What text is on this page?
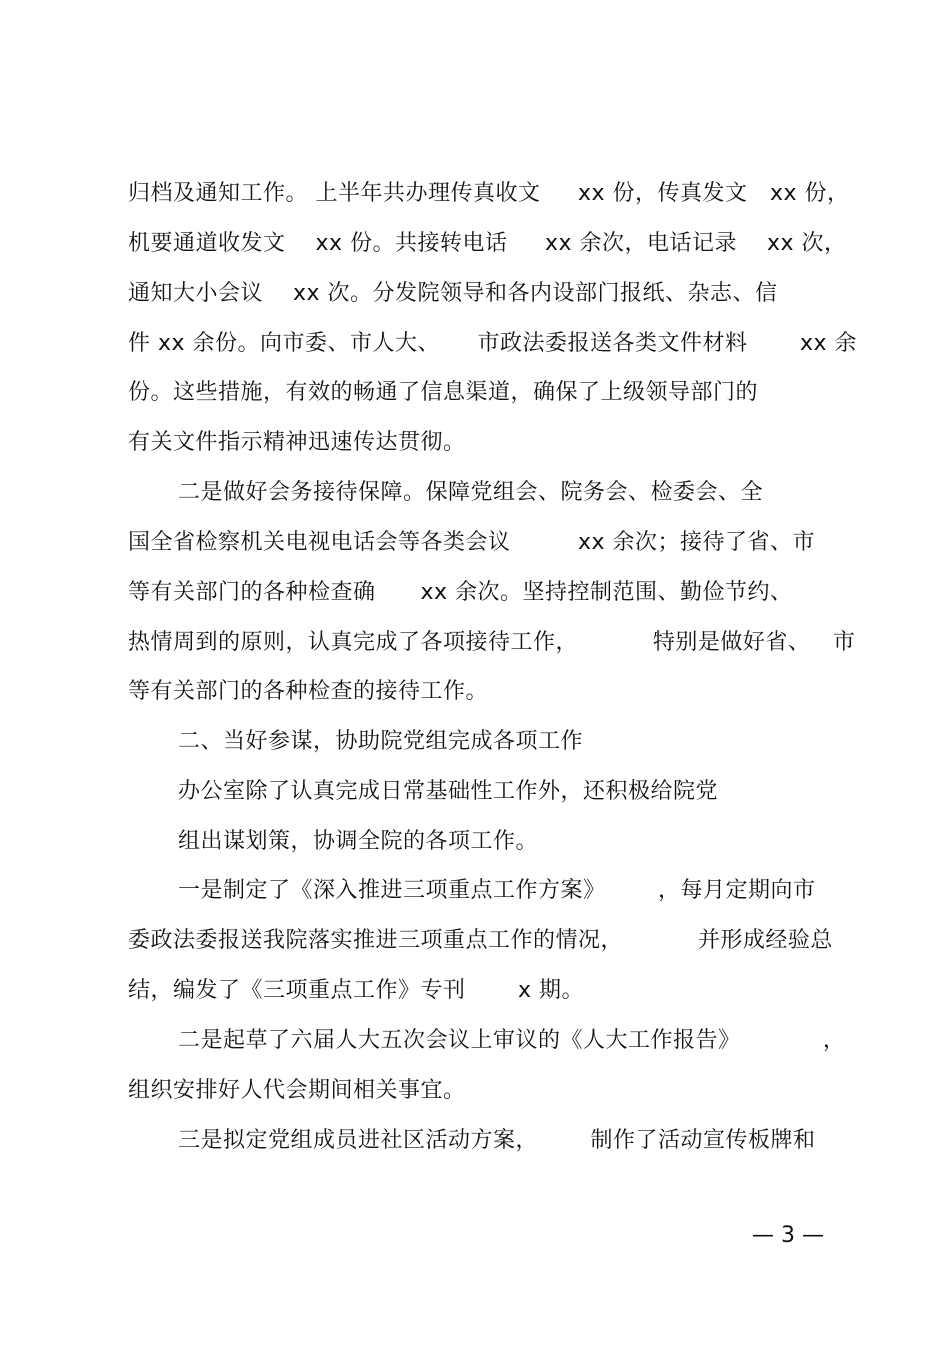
归档及通知工作。 上半年共办理传真收文     xx 份，传真发文   xx 份，
机要通道收发文    xx 份。共接转电话     xx 余次，电话记录    xx 次，
通知大小会议    xx 次。分发院领导和各内设部门报纸、杂志、信
件 xx 余份。向市委、市人大、     市政法委报送各类文件材料       xx 余
份。这些措施，有效的畅通了信息渠道，确保了上级领导部门的
有关文件指示精神迅速传达贯彻。
二是做好会务接待保障。保障党组会、院务会、检委会、全
国全省检察机关电视电话会等各类会议         xx 余次；接待了省、市
等有关部门的各种检查确      xx 余次。坚持控制范围、勤俭节约、
热情周到的原则，认真完成了各项接待工作，          特别是做好省、   市
等有关部门的各种检查的接待工作。
二、当好参谋，协助院党组完成各项工作
办公室除了认真完成日常基础性工作外，还积极给院党
组出谋划策，协调全院的各项工作。
一是制定了《深入推进三项重点工作方案》       ，每月定期向市
委政法委报送我院落实推进三项重点工作的情况，          并形成经验总
结，编发了《三项重点工作》专刊       x 期。
二是起草了六届人大五次会议上审议的《人大工作报告》           ，
组织安排好人代会期间相关事宜。
三是拟定党组成员进社区活动方案，       制作了活动宣传板牌和
— 3 —
